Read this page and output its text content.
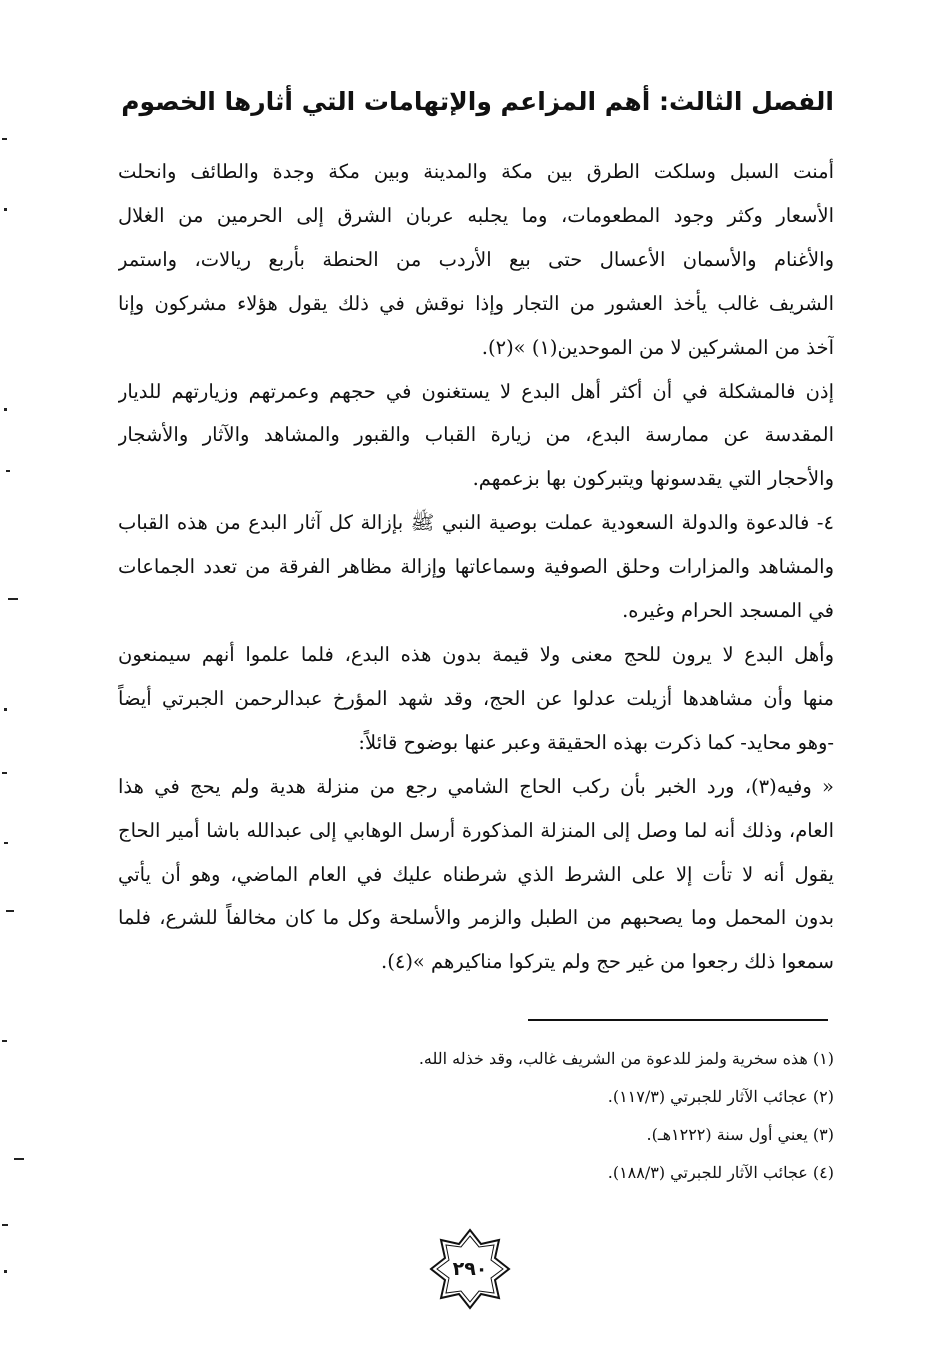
الفصل الثالث: أهم المزاعم والإتهامات التي أثارها الخصوم
أمنت السبل وسلكت الطرق بين مكة والمدينة وبين مكة وجدة والطائف وانحلت
الأسعار وكثر وجود المطعومات، وما يجلبه عربان الشرق إلى الحرمين من الغلال
والأغنام والأسمان الأعسال حتى بيع الأردب من الحنطة بأربع ريالات، واستمر
الشريف غالب يأخذ العشور من التجار وإذا نوقش في ذلك يقول هؤلاء مشركون وإنا
آخذ من المشركين لا من الموحدين(١) »(٢).
إذن فالمشكلة في أن أكثر أهل البدع لا يستغنون في حجهم وعمرتهم وزيارتهم للديار
المقدسة عن ممارسة البدع، من زيارة القباب والقبور والمشاهد والآثار والأشجار
والأحجار التي يقدسونها ويتبركون بها بزعمهم.
٤- فالدعوة والدولة السعودية عملت بوصية النبي ﷺ بإزالة كل آثار البدع من هذه القباب
والمشاهد والمزارات وحلق الصوفية وسماعاتها وإزالة مظاهر الفرقة من تعدد الجماعات
في المسجد الحرام وغيره.
وأهل البدع لا يرون للحج معنى ولا قيمة بدون هذه البدع، فلما علموا أنهم سيمنعون
منها وأن مشاهدها أزيلت عدلوا عن الحج، وقد شهد المؤرخ عبدالرحمن الجبرتي أيضاً
-وهو محايد- كما ذكرت بهذه الحقيقة وعبر عنها بوضوح قائلاً:
« وفيه(٣)، ورد الخبر بأن ركب الحاج الشامي رجع من منزلة هدية ولم يحج في هذا
العام، وذلك أنه لما وصل إلى المنزلة المذكورة أرسل الوهابي إلى عبدالله باشا أمير الحاج
يقول أنه لا تأت إلا على الشرط الذي شرطناه عليك في العام الماضي، وهو أن يأتي
بدون المحمل وما يصحبهم من الطبل والزمر والأسلحة وكل ما كان مخالفاً للشرع، فلما
سمعوا ذلك رجعوا من غير حج ولم يتركوا مناكيرهم »(٤).
(١) هذه سخرية ولمز للدعوة من الشريف غالب، وقد خذله الله.
(٢) عجائب الآثار للجبرتي (١١٧/٣).
(٣) يعني أول سنة (١٢٢٢هـ).
(٤) عجائب الآثار للجبرتي (١٨٨/٣).
٢٩٠
